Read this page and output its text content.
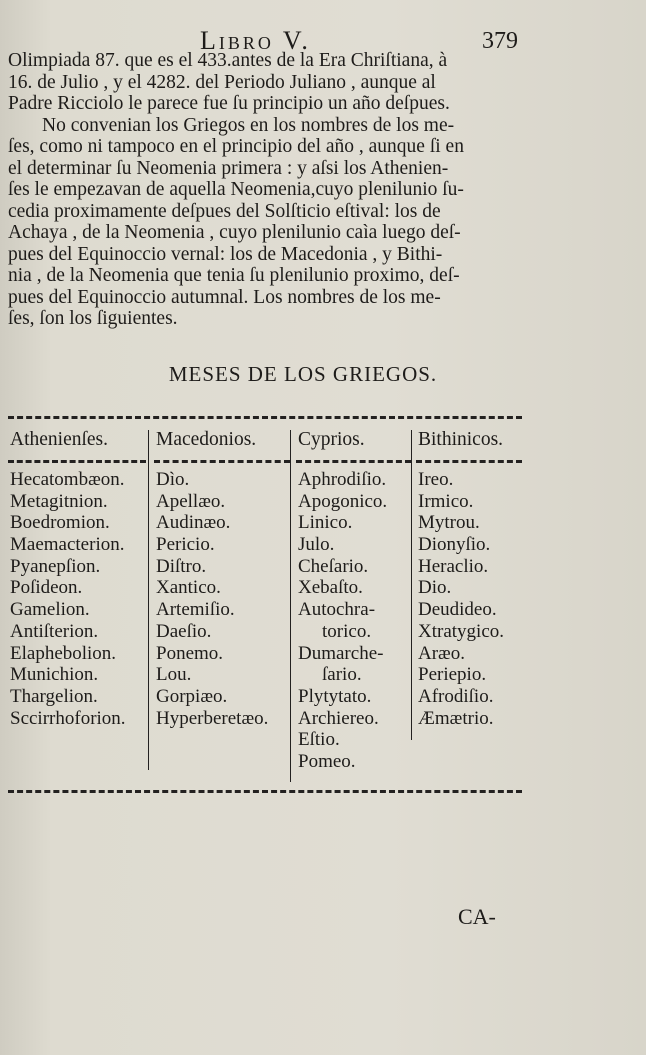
Libro V.	379

Olimpiada 87. que es el 433.antes de la Era Chriſtiana, à
16. de Julio , y el 4282. del Periodo Juliano , aunque al
Padre Ricciolo le parece fue ſu principio un año deſpues.

No convenian los Griegos en los nombres de los me-
ſes, como ni tampoco en el principio del año , aunque ſi en
el determinar ſu Neomenia primera : y aſsi los Athenien-
ſes le empezavan de aquella Neomenia,cuyo plenilunio ſu-
cedia proximamente deſpues del Solſticio eſtival: los de
Achaya , de la Neomenia , cuyo plenilunio caìa luego deſ-
pues del Equinoccio vernal: los de Macedonia , y Bithi-
nia , de la Neomenia que tenia ſu plenilunio proximo, deſ-
pues del Equinoccio autumnal. Los nombres de los me-
ſes, ſon los ſiguientes.

MESES DE LOS GRIEGOS.
Athenienſes.
Hecatombæon.
Metagitnion.
Boedromion.
Maemacterion.
Pyanepſion.
Poſideon.
Gamelion.
Antiſterion.
Elaphebolion.
Munichion.
Thargelion.
Sccirrhoforion.
Macedonios.
Dìo.
Apellæo.
Audinæo.
Pericio.
Diſtro.
Xantico.
Artemiſio.
Daeſio.
Ponemo.
Lou.
Gorpiæo.
Hyperberetæo.
Cyprios.
Aphrodiſio.
Apogonico.
Linico.
Julo.
Cheſario.
Xebaſto.
Autochra-
torico.
Dumarche-
ſario.
Plytytato.
Archiereo.
Eſtio.
Pomeo.
Bithinicos.
Ireo.
Irmico.
Mytrou.
Dionyſio.
Heraclio.
Dio.
Deudideo.
Xtratygico.
Aræo.
Periepio.
Afrodiſio.
Æmætrio.
CA-
